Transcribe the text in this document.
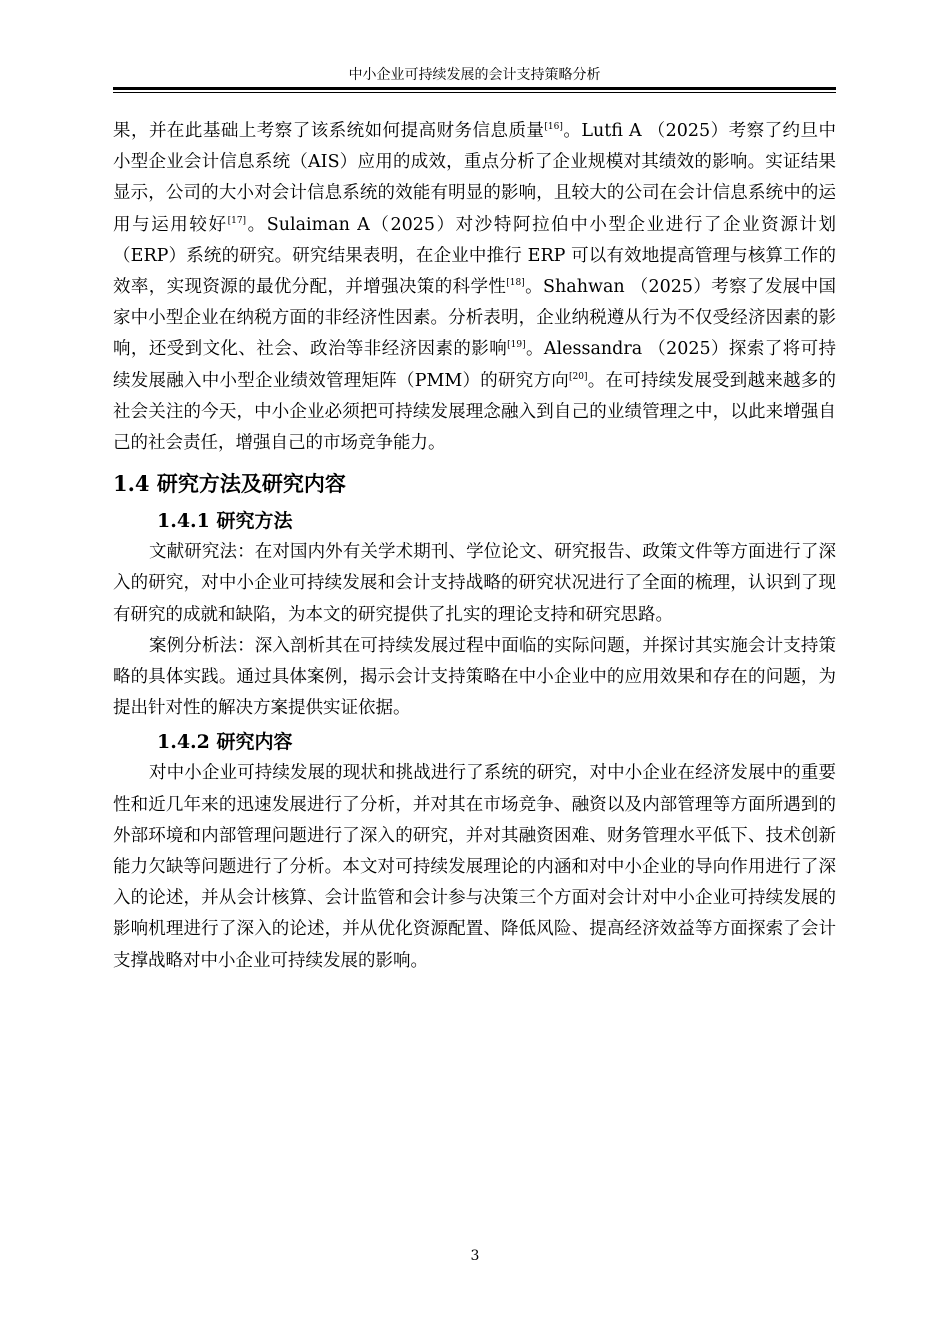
中小企业可持续发展的会计支持策略分析

果，并在此基础上考察了该系统如何提高财务信息质量[16]。Lutfi A （2025）考察了约旦中小型企业会计信息系统（AIS）应用的成效，重点分析了企业规模对其绩效的影响。实证结果显示，公司的大小对会计信息系统的效能有明显的影响，且较大的公司在会计信息系统中的运用与运用较好[17]。Sulaiman A（2025）对沙特阿拉伯中小型企业进行了企业资源计划（ERP）系统的研究。研究结果表明，在企业中推行 ERP 可以有效地提高管理与核算工作的效率，实现资源的最优分配，并增强决策的科学性[18]。Shahwan （2025）考察了发展中国家中小型企业在纳税方面的非经济性因素。分析表明，企业纳税遵从行为不仅受经济因素的影响，还受到文化、社会、政治等非经济因素的影响[19]。Alessandra （2025）探索了将可持续发展融入中小型企业绩效管理矩阵（PMM）的研究方向[20]。在可持续发展受到越来越多的社会关注的今天，中小企业必须把可持续发展理念融入到自己的业绩管理之中，以此来增强自己的社会责任，增强自己的市场竞争能力。

1.4 研究方法及研究内容
1.4.1 研究方法

文献研究法：在对国内外有关学术期刊、学位论文、研究报告、政策文件等方面进行了深入的研究，对中小企业可持续发展和会计支持战略的研究状况进行了全面的梳理，认识到了现有研究的成就和缺陷，为本文的研究提供了扎实的理论支持和研究思路。

案例分析法：深入剖析其在可持续发展过程中面临的实际问题，并探讨其实施会计支持策略的具体实践。通过具体案例，揭示会计支持策略在中小企业中的应用效果和存在的问题，为提出针对性的解决方案提供实证依据。

1.4.2 研究内容

对中小企业可持续发展的现状和挑战进行了系统的研究，对中小企业在经济发展中的重要性和近几年来的迅速发展进行了分析，并对其在市场竞争、融资以及内部管理等方面所遇到的外部环境和内部管理问题进行了深入的研究，并对其融资困难、财务管理水平低下、技术创新能力欠缺等问题进行了分析。本文对可持续发展理论的内涵和对中小企业的导向作用进行了深入的论述，并从会计核算、会计监管和会计参与决策三个方面对会计对中小企业可持续发展的影响机理进行了深入的论述，并从优化资源配置、降低风险、提高经济效益等方面探索了会计支撑战略对中小企业可持续发展的影响。

3
